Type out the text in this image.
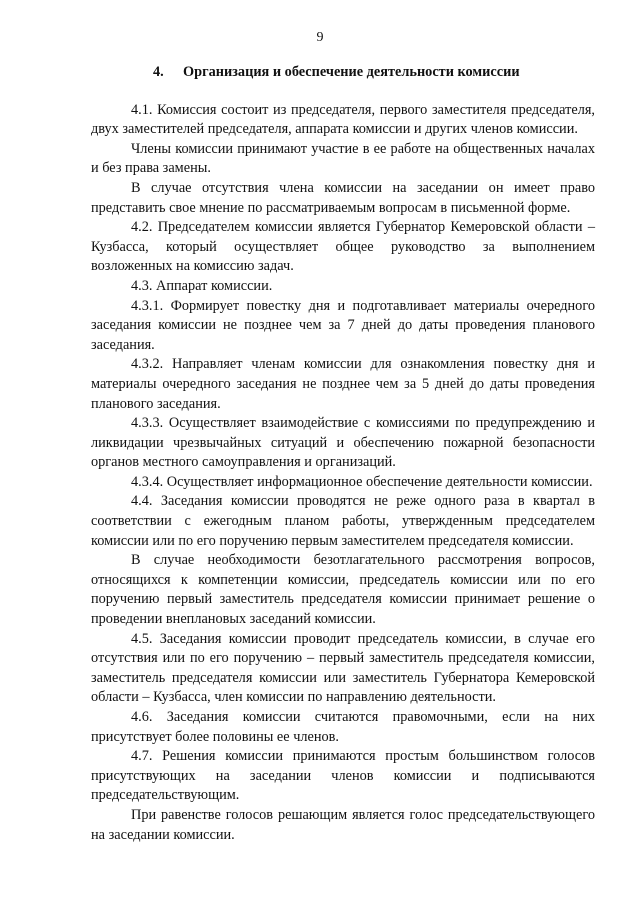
9
4. Организация и обеспечение деятельности комиссии

4.1. Комиссия состоит из председателя, первого заместителя председателя, двух заместителей председателя, аппарата комиссии и других членов комиссии.

Члены комиссии принимают участие в ее работе на общественных началах и без права замены.

В случае отсутствия члена комиссии на заседании он имеет право представить свое мнение по рассматриваемым вопросам в письменной форме.

4.2. Председателем комиссии является Губернатор Кемеровской области – Кузбасса, который осуществляет общее руководство за выполнением возложенных на комиссию задач.

4.3. Аппарат комиссии.

4.3.1. Формирует повестку дня и подготавливает материалы очередного заседания комиссии не позднее чем за 7 дней до даты проведения планового заседания.

4.3.2. Направляет членам комиссии для ознакомления повестку дня и материалы очередного заседания не позднее чем за 5 дней до даты проведения планового заседания.

4.3.3. Осуществляет взаимодействие с комиссиями по предупреждению и ликвидации чрезвычайных ситуаций и обеспечению пожарной безопасности органов местного самоуправления и организаций.

4.3.4. Осуществляет информационное обеспечение деятельности комиссии.

4.4. Заседания комиссии проводятся не реже одного раза в квартал в соответствии с ежегодным планом работы, утвержденным председателем комиссии или по его поручению первым заместителем председателя комиссии.

В случае необходимости безотлагательного рассмотрения вопросов, относящихся к компетенции комиссии, председатель комиссии или по его поручению первый заместитель председателя комиссии принимает решение о проведении внеплановых заседаний комиссии.

4.5. Заседания комиссии проводит председатель комиссии, в случае его отсутствия или по его поручению – первый заместитель председателя комиссии, заместитель председателя комиссии или заместитель Губернатора Кемеровской области – Кузбасса, член комиссии по направлению деятельности.

4.6. Заседания комиссии считаются правомочными, если на них присутствует более половины ее членов.

4.7. Решения комиссии принимаются простым большинством голосов присутствующих на заседании членов комиссии и подписываются председательствующим.

При равенстве голосов решающим является голос председательствующего на заседании комиссии.
